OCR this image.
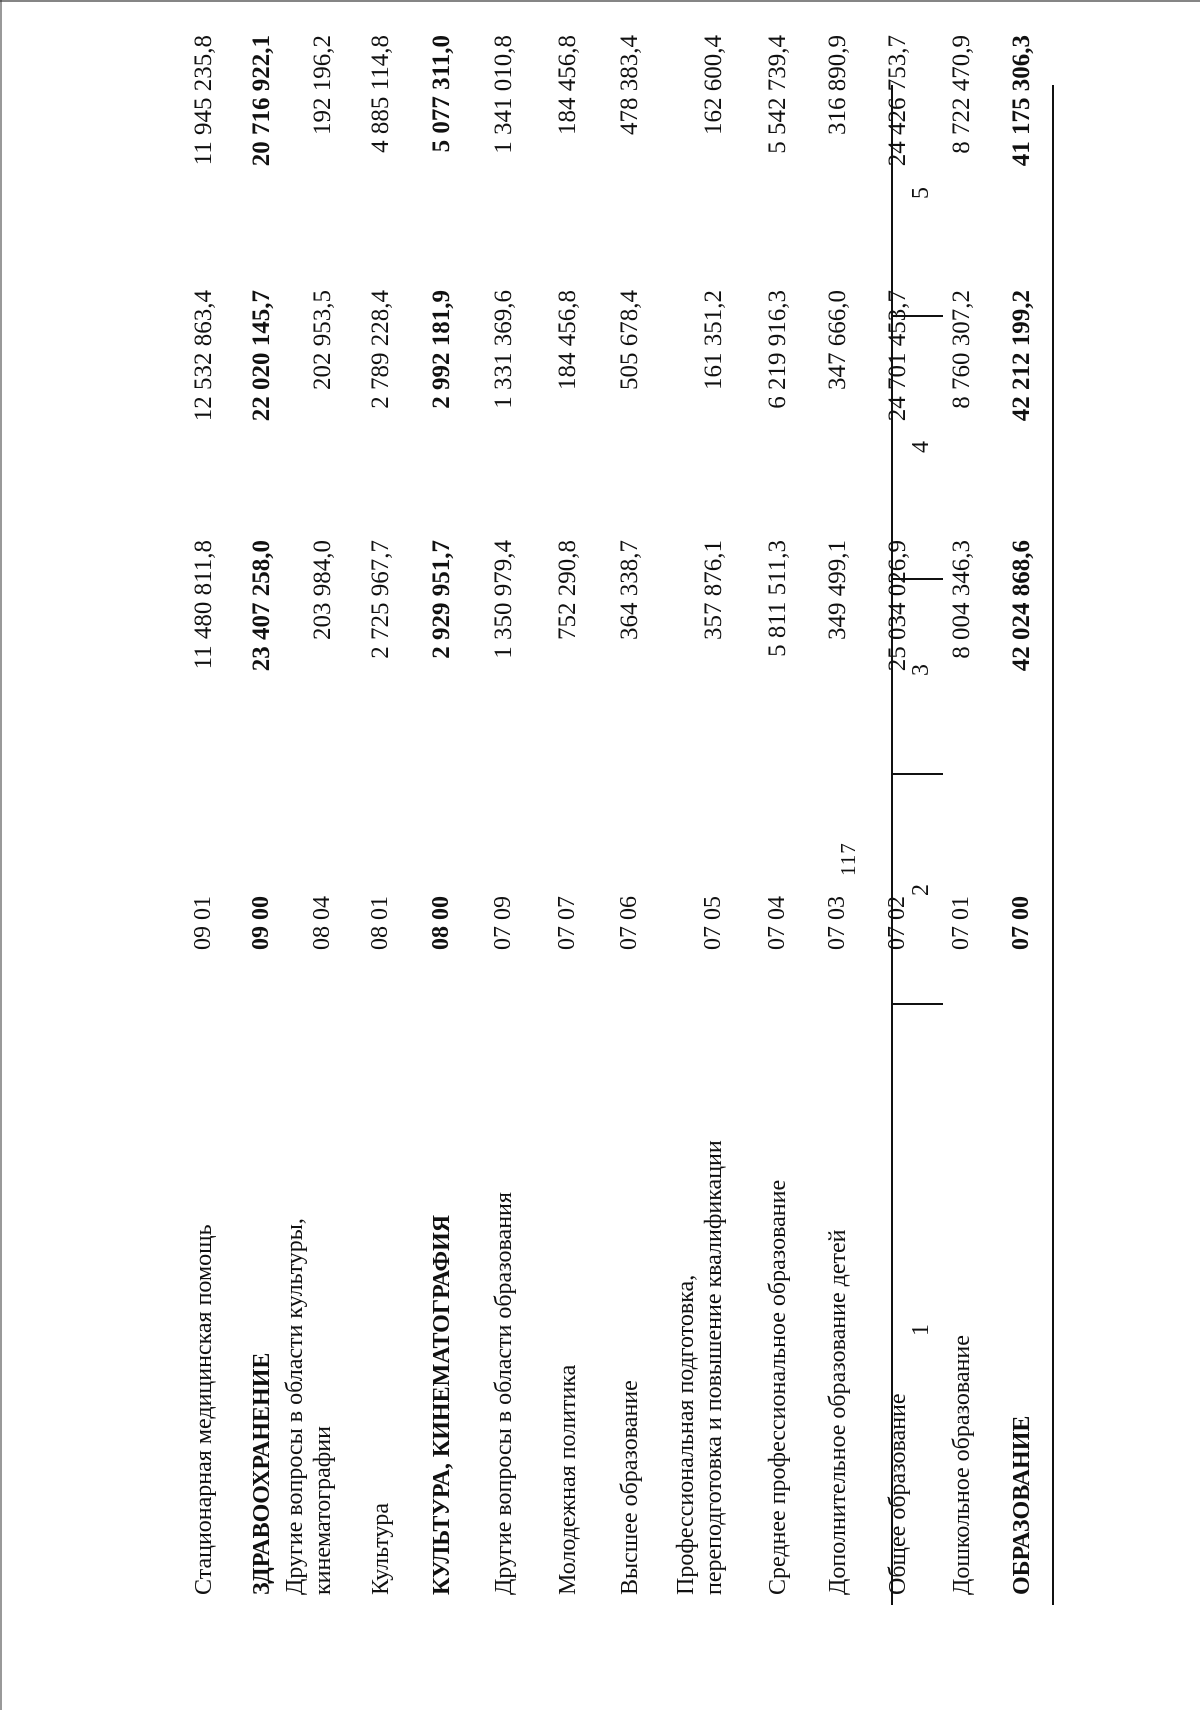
117
1
2
3
4
5
ОБРАЗОВАНИЕ
07 00
42 024 868,6
42 212 199,2
41 175 306,3
Дошкольное образование
07 01
8 004 346,3
8 760 307,2
8 722 470,9
Общее образование
07 02
25 034 026,9
24 701 453,7
24 426 753,7
Дополнительное образование детей
07 03
349 499,1
347 666,0
316 890,9
Среднее профессиональное образование
07 04
5 811 511,3
6 219 916,3
5 542 739,4
Профессиональная подготовка, переподготовка и повышение квалификации
07 05
357 876,1
161 351,2
162 600,4
Высшее образование
07 06
364 338,7
505 678,4
478 383,4
Молодежная политика
07 07
752 290,8
184 456,8
184 456,8
Другие вопросы в области образования
07 09
1 350 979,4
1 331 369,6
1 341 010,8
КУЛЬТУРА, КИНЕМАТОГРАФИЯ
08 00
2 929 951,7
2 992 181,9
5 077 311,0
Культура
08 01
2 725 967,7
2 789 228,4
4 885 114,8
Другие вопросы в области культуры, кинематографии
08 04
203 984,0
202 953,5
192 196,2
ЗДРАВООХРАНЕНИЕ
09 00
23 407 258,0
22 020 145,7
20 716 922,1
Стационарная медицинская помощь
09 01
11 480 811,8
12 532 863,4
11 945 235,8
